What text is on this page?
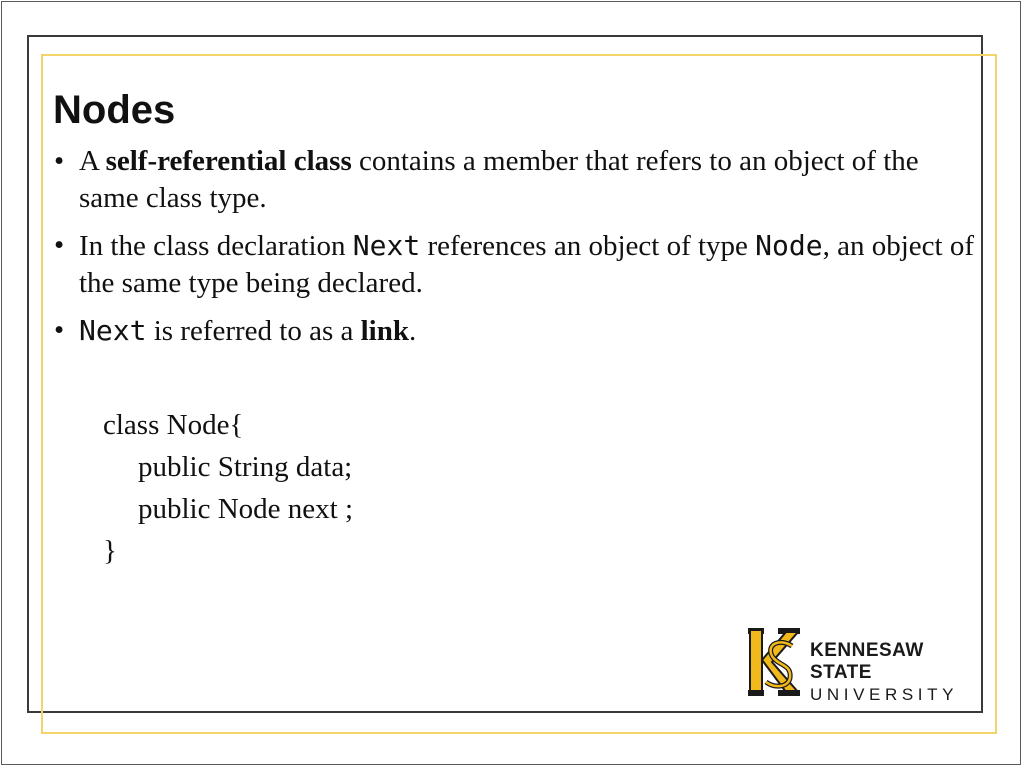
Nodes
• A self-referential class contains a member that refers to an object of the same class type.
• In the class declaration Next references an object of type Node, an object of the same type being declared.
• Next is referred to as a link.
class Node{
public String data;
public Node next ;
}
KENNESAW STATE
UNIVERSITY
